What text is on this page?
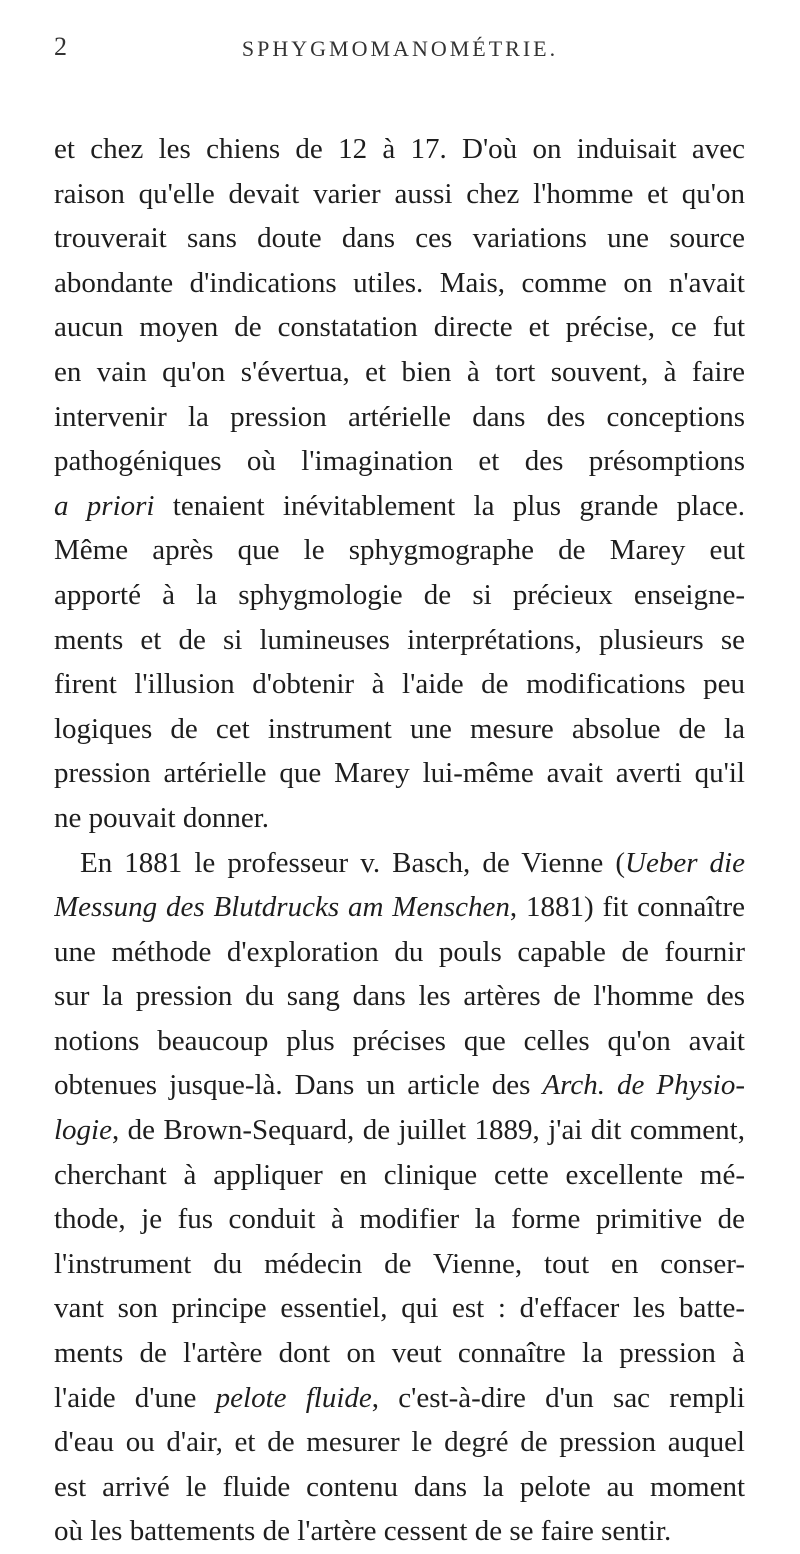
2	SPHYGMOMANOMÉTRIE.
et chez les chiens de 12 à 17. D'où on induisait avec
raison qu'elle devait varier aussi chez l'homme et qu'on
trouverait sans doute dans ces variations une source
abondante d'indications utiles. Mais, comme on n'avait
aucun moyen de constatation directe et précise, ce fut
en vain qu'on s'évertua, et bien à tort souvent, à faire
intervenir la pression artérielle dans des conceptions
pathogéniques où l'imagination et des présomptions
a priori tenaient inévitablement la plus grande place.
Même après que le sphygmographe de Marey eut
apporté à la sphygmologie de si précieux enseigne-
ments et de si lumineuses interprétations, plusieurs se
firent l'illusion d'obtenir à l'aide de modifications peu
logiques de cet instrument une mesure absolue de la
pression artérielle que Marey lui-même avait averti qu'il
ne pouvait donner.
En 1881 le professeur v. Basch, de Vienne (Ueber die
Messung des Blutdrucks am Menschen, 1881) fit connaître
une méthode d'exploration du pouls capable de fournir
sur la pression du sang dans les artères de l'homme des
notions beaucoup plus précises que celles qu'on avait
obtenues jusque-là. Dans un article des Arch. de Physio-
logie, de Brown-Sequard, de juillet 1889, j'ai dit comment,
cherchant à appliquer en clinique cette excellente mé-
thode, je fus conduit à modifier la forme primitive de
l'instrument du médecin de Vienne, tout en conser-
vant son principe essentiel, qui est : d'effacer les batte-
ments de l'artère dont on veut connaître la pression à
l'aide d'une pelote fluide, c'est-à-dire d'un sac rempli
d'eau ou d'air, et de mesurer le degré de pression auquel
est arrivé le fluide contenu dans la pelote au moment
où les battements de l'artère cessent de se faire sentir.
